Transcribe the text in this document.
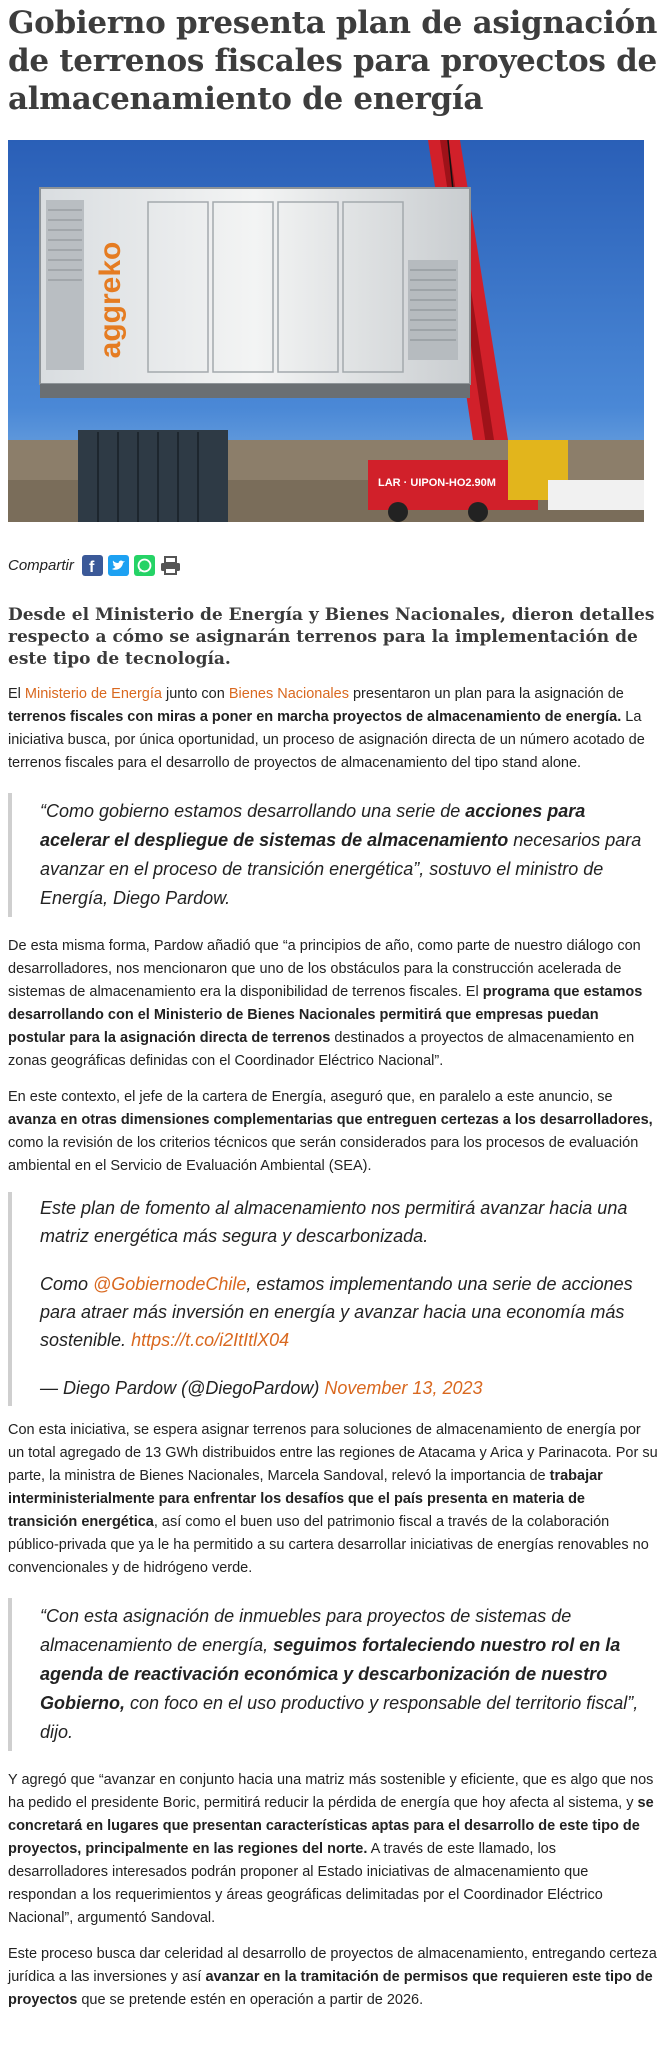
Gobierno presenta plan de asignación de terrenos fiscales para proyectos de almacenamiento de energía
aggreko
LAR · UIPON-HO2.90M
Compartir f
Desde el Ministerio de Energía y Bienes Nacionales, dieron detalles respecto a cómo se asignarán terrenos para la implementación de este tipo de tecnología.

El Ministerio de Energía junto con Bienes Nacionales presentaron un plan para la asignación de terrenos fiscales con miras a poner en marcha proyectos de almacenamiento de energía. La iniciativa busca, por única oportunidad, un proceso de asignación directa de un número acotado de terrenos fiscales para el desarrollo de proyectos de almacenamiento del tipo stand alone.

“Como gobierno estamos desarrollando una serie de acciones para acelerar el despliegue de sistemas de almacenamiento necesarios para avanzar en el proceso de transición energética”, sostuvo el ministro de Energía, Diego Pardow.

De esta misma forma, Pardow añadió que “a principios de año, como parte de nuestro diálogo con desarrolladores, nos mencionaron que uno de los obstáculos para la construcción acelerada de sistemas de almacenamiento era la disponibilidad de terrenos fiscales. El programa que estamos desarrollando con el Ministerio de Bienes Nacionales permitirá que empresas puedan postular para la asignación directa de terrenos destinados a proyectos de almacenamiento en zonas geográficas definidas con el Coordinador Eléctrico Nacional”.

En este contexto, el jefe de la cartera de Energía, aseguró que, en paralelo a este anuncio, se avanza en otras dimensiones complementarias que entreguen certezas a los desarrolladores, como la revisión de los criterios técnicos que serán considerados para los procesos de evaluación ambiental en el Servicio de Evaluación Ambiental (SEA).

Este plan de fomento al almacenamiento nos permitirá avanzar hacia una matriz energética más segura y descarbonizada.

Como @GobiernodeChile, estamos implementando una serie de acciones para atraer más inversión en energía y avanzar hacia una economía más sostenible. https://t.co/i2ItItlX04

— Diego Pardow (@DiegoPardow) November 13, 2023

Con esta iniciativa, se espera asignar terrenos para soluciones de almacenamiento de energía por un total agregado de 13 GWh distribuidos entre las regiones de Atacama y Arica y Parinacota. Por su parte, la ministra de Bienes Nacionales, Marcela Sandoval, relevó la importancia de trabajar interministerialmente para enfrentar los desafíos que el país presenta en materia de transición energética, así como el buen uso del patrimonio fiscal a través de la colaboración público-privada que ya le ha permitido a su cartera desarrollar iniciativas de energías renovables no convencionales y de hidrógeno verde.

“Con esta asignación de inmuebles para proyectos de sistemas de almacenamiento de energía, seguimos fortaleciendo nuestro rol en la agenda de reactivación económica y descarbonización de nuestro Gobierno, con foco en el uso productivo y responsable del territorio fiscal”, dijo.

Y agregó que “avanzar en conjunto hacia una matriz más sostenible y eficiente, que es algo que nos ha pedido el presidente Boric, permitirá reducir la pérdida de energía que hoy afecta al sistema, y se concretará en lugares que presentan características aptas para el desarrollo de este tipo de proyectos, principalmente en las regiones del norte. A través de este llamado, los desarrolladores interesados podrán proponer al Estado iniciativas de almacenamiento que respondan a los requerimientos y áreas geográficas delimitadas por el Coordinador Eléctrico Nacional”, argumentó Sandoval.

Este proceso busca dar celeridad al desarrollo de proyectos de almacenamiento, entregando certeza jurídica a las inversiones y así avanzar en la tramitación de permisos que requieren este tipo de proyectos que se pretende estén en operación a partir de 2026.
